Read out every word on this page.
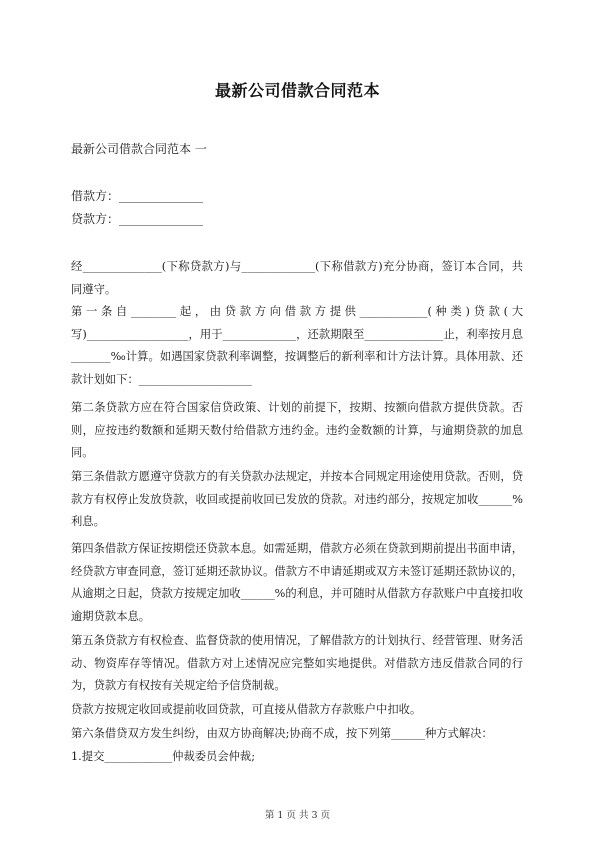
最新公司借款合同范本
最新公司借款合同范本 一
借款方：______________
贷款方：______________
经______________(下称贷款方)与_____________(下称借款方)充分协商，签订本合同，共同遵守。
第一条自________起，由贷款方向借款方提供____________(种类)贷款(大写)__________________，用于_____________，还款期限至______________止，利率按月息_______‰计算。如遇国家贷款利率调整，按调整后的新利率和计方法计算。具体用款、还款计划如下：____________________
第二条贷款方应在符合国家信贷政策、计划的前提下，按期、按额向借款方提供贷款。否则，应按违约数额和延期天数付给借款方违约金。违约金数额的计算，与逾期贷款的加息同。
第三条借款方愿遵守贷款方的有关贷款办法规定，并按本合同规定用途使用贷款。否则，贷款方有权停止发放贷款，收回或提前收回已发放的贷款。对违约部分，按规定加收______%利息。
第四条借款方保证按期偿还贷款本息。如需延期，借款方必须在贷款到期前提出书面申请，经贷款方审查同意，签订延期还款协议。借款方不申请延期或双方未签订延期还款协议的，从逾期之日起，贷款方按规定加收______%的利息，并可随时从借款方存款账户中直接扣收逾期贷款本息。
第五条贷款方有权检查、监督贷款的使用情况，了解借款方的计划执行、经营管理、财务活动、物资库存等情况。借款方对上述情况应完整如实地提供。对借款方违反借款合同的行为，贷款方有权按有关规定给予信贷制裁。
贷款方按规定收回或提前收回贷款，可直接从借款方存款账户中扣收。
第六条借贷双方发生纠纷，由双方协商解决;协商不成，按下列第______种方式解决：
1.提交____________仲裁委员会仲裁;
第 1 页 共 3 页
